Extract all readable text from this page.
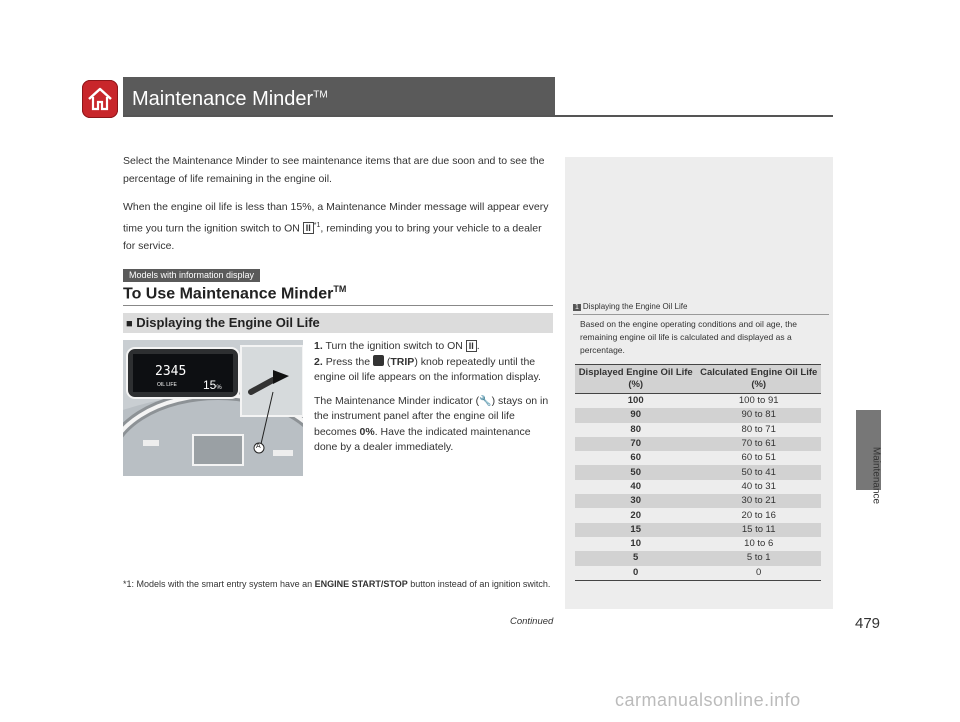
Maintenance Minder™
Maintenance
Select the Maintenance Minder to see maintenance items that are due soon and to see the percentage of life remaining in the engine oil.
When the engine oil life is less than 15%, a Maintenance Minder message will appear every time you turn the ignition switch to ON II $^{*1}$, reminding you to bring your vehicle to a dealer for service.
Models with information display
To Use Maintenance Minder™
■ Displaying the Engine Oil Life
2345
OIL LIFE 15%
A
1. Turn the ignition switch to ON II .
2. Press the  (TRIP) knob repeatedly until the engine oil life appears on the information display.
The Maintenance Minder indicator (🔧) stays on in the instrument panel after the engine oil life becomes 0%. Have the indicated maintenance done by a dealer immediately.
*1: Models with the smart entry system have an ENGINE START/STOP button instead of an ignition switch.
Continued	479
1 Displaying the Engine Oil Life
Based on the engine operating conditions and oil age, the remaining engine oil life is calculated and displayed as a percentage.
Displayed Engine Oil Life (%)	Calculated Engine Oil Life (%)
100	100 to 91
90	90 to 81
80	80 to 71
70	70 to 61
60	60 to 51
50	50 to 41
40	40 to 31
30	30 to 21
20	20 to 16
15	15 to 11
10	10 to 6
5	5 to 1
0	0
carmanualsonline.info
